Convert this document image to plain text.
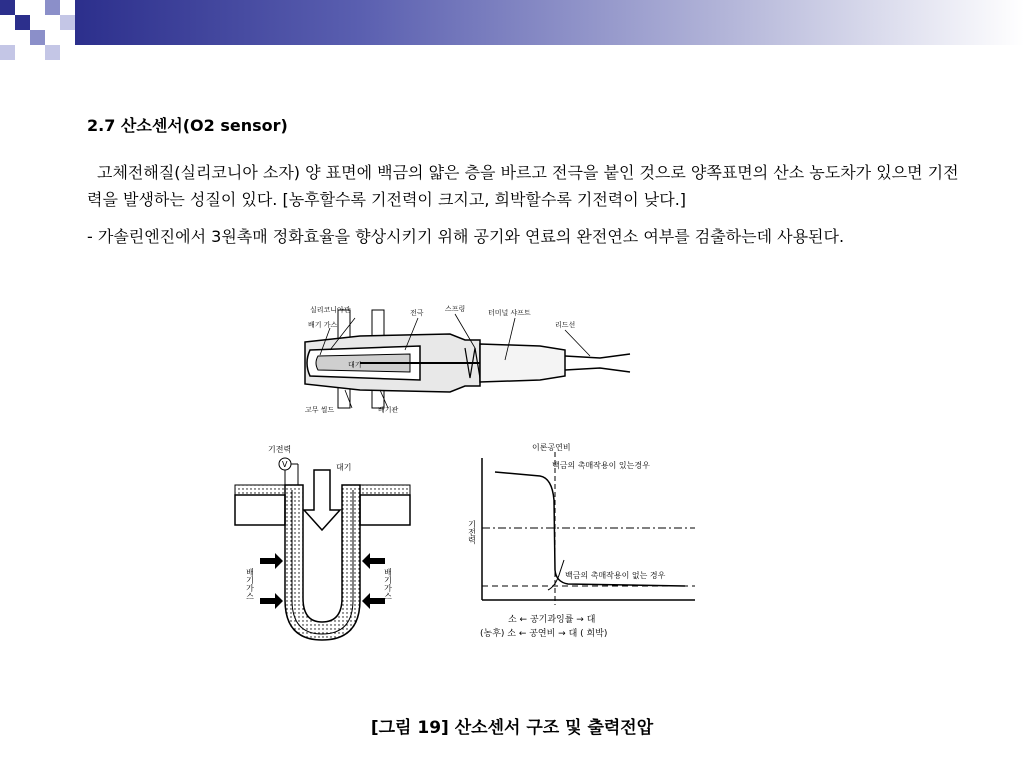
2.7 산소센서(O2 sensor)

고체전해질(실리코니아 소자) 양 표면에 백금의 얇은 층을 바르고 전극을 붙인 것으로 양쪽표면의 산소 농도차가 있으면 기전력을 발생하는 성질이 있다. [농후할수록 기전력이 크지고, 희박할수록 기전력이 낮다.]

- 가솔린엔진에서 3원촉매 정화효율을 향상시키기 위해 공기와 연료의 완전연소 여부를 검출하는데 사용된다.

실리코니아관
배기 가스
전극	스프링	터미널 샤프트
리드선
대기
고무 씰드	배기관
V
기전력
대기
배기가스	배기가스
이론공연비
백금의 촉매작용이 있는경우
백금의 촉매작용이 없는 경우
기전력
소 ← 공기과잉률 → 대
(농후) 소 ← 공연비 → 대 ( 희박)
[그림 19] 산소센서 구조 및 출력전압
